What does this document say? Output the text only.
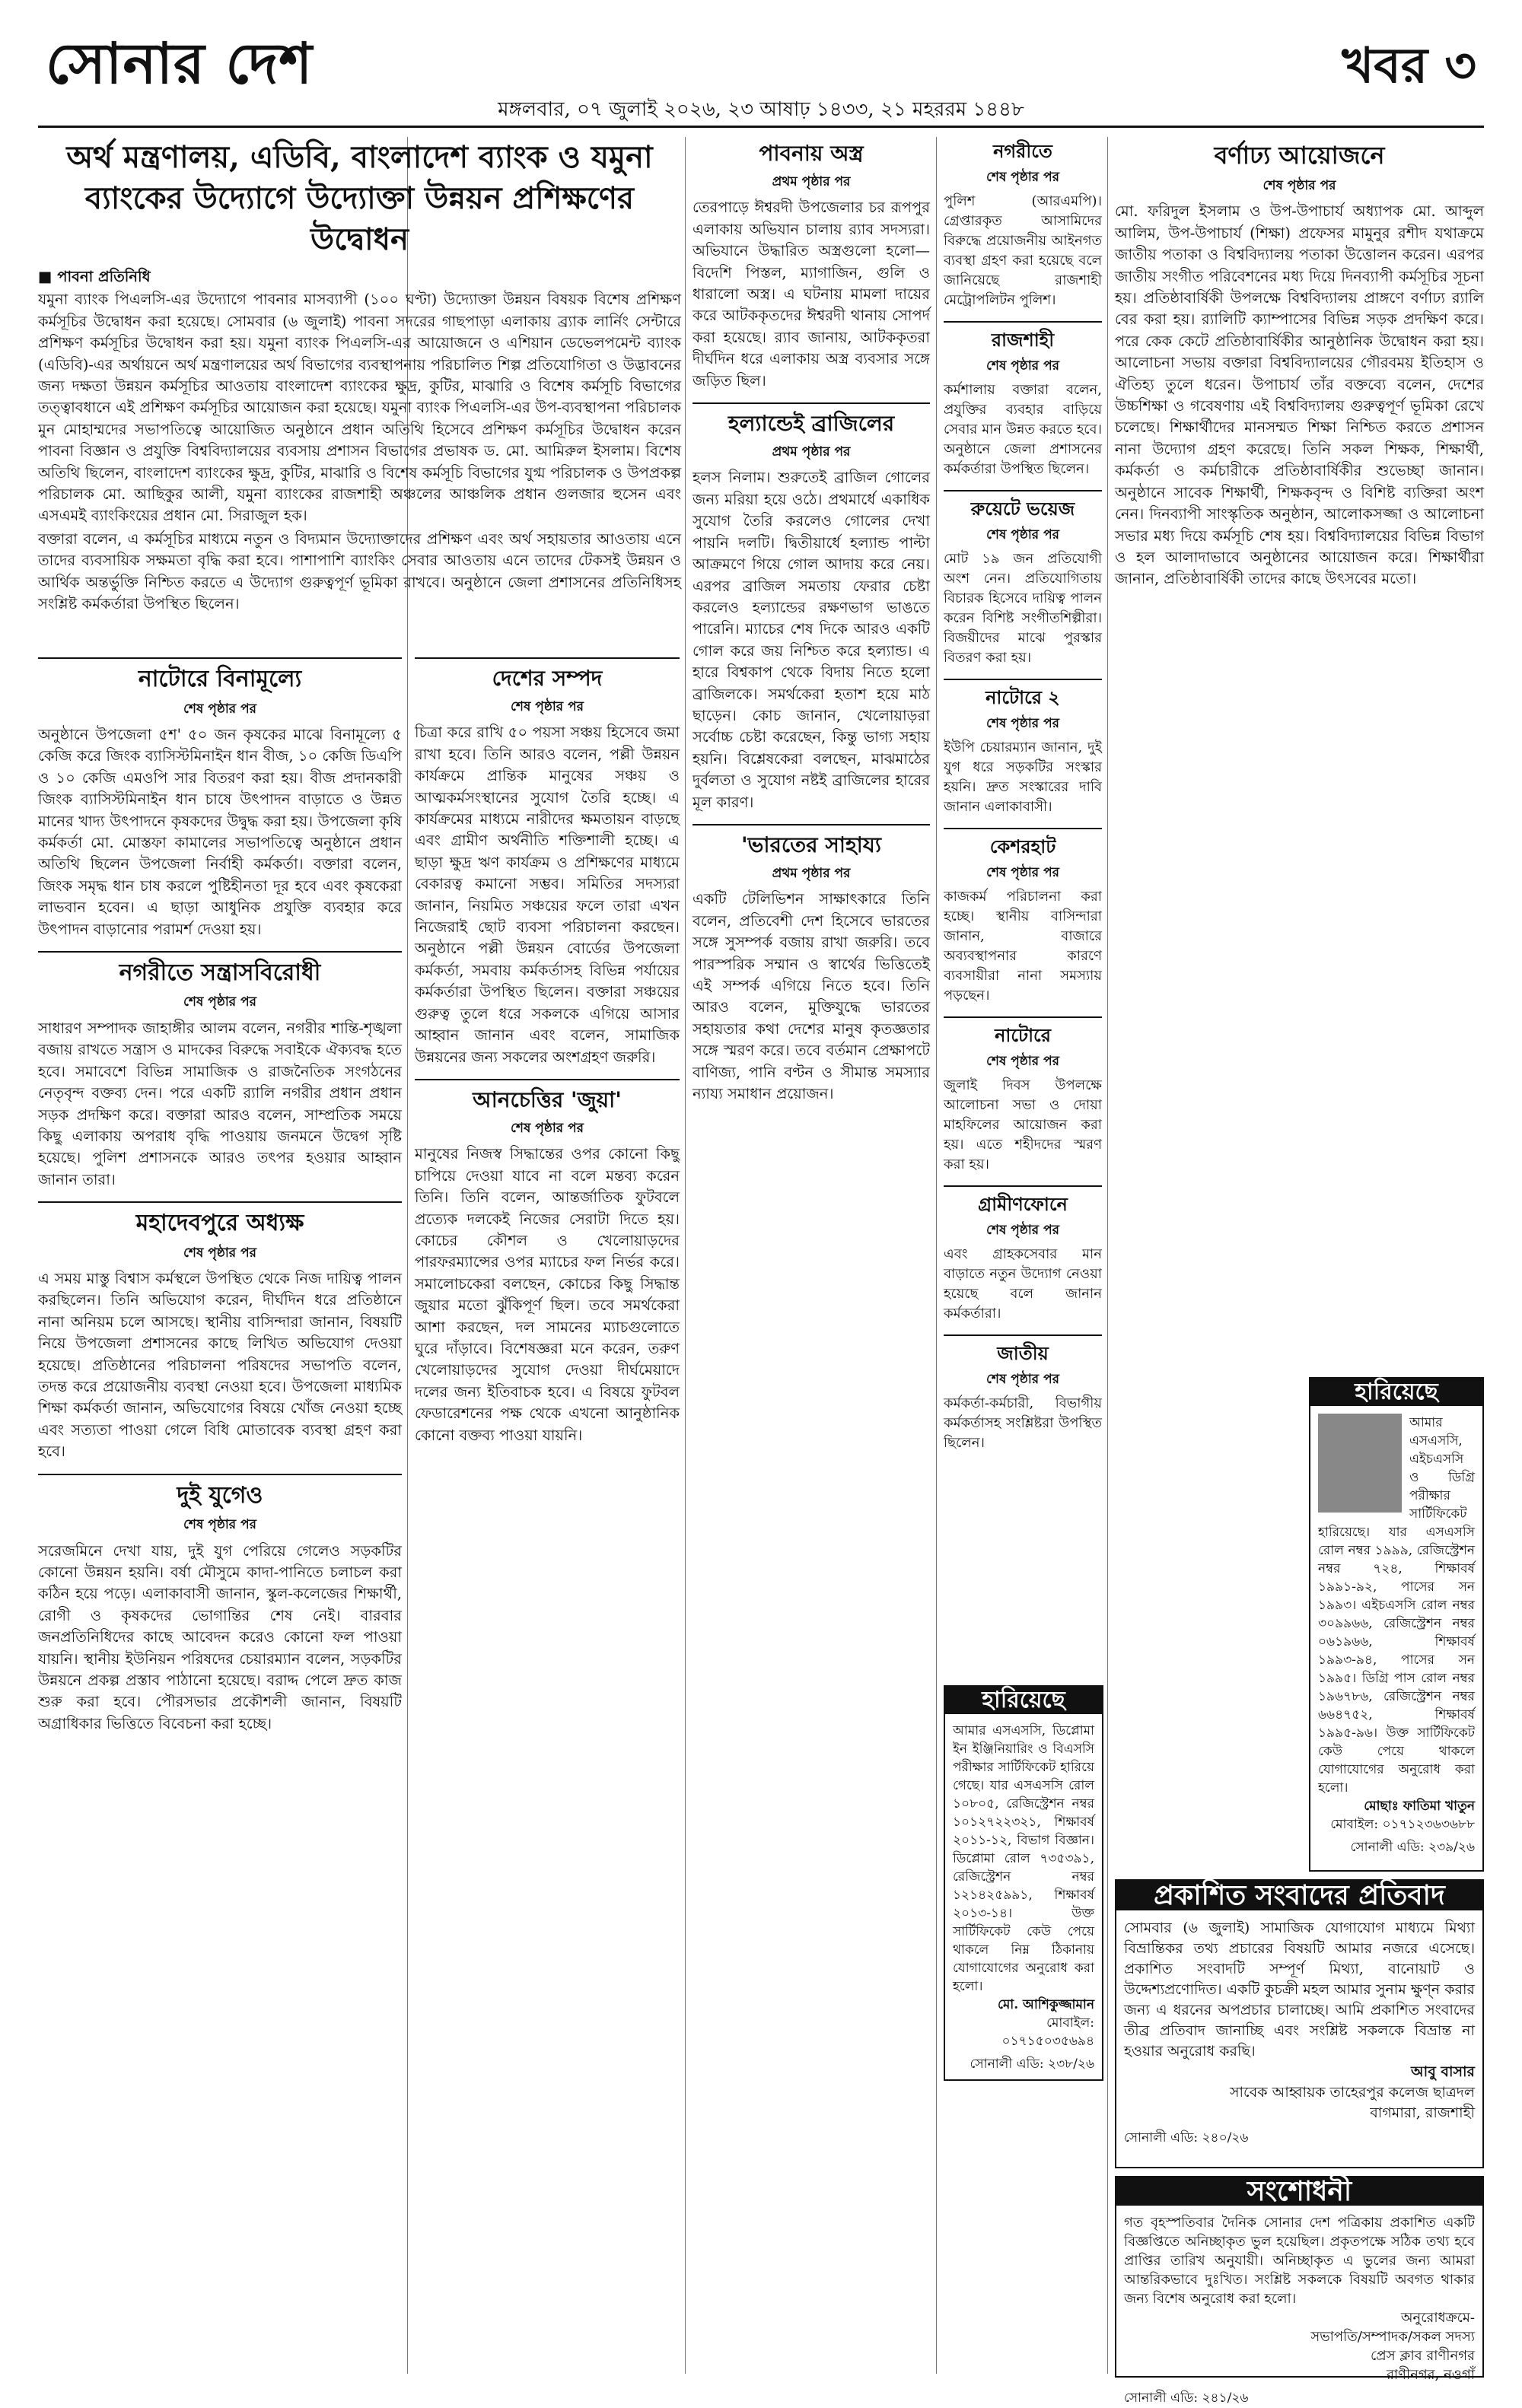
সোনার দেশ
মঙ্গলবার, ০৭ জুলাই ২০২৬, ২৩ আষাঢ় ১৪৩৩, ২১ মহররম ১৪৪৮
খবর ৩
অর্থ মন্ত্রণালয়, এডিবি, বাংলাদেশ ব্যাংক ও যমুনা ব্যাংকের উদ্যোগে উদ্যোক্তা উন্নয়ন প্রশিক্ষণের উদ্বোধন

■ পাবনা প্রতিনিধি

যমুনা ব্যাংক পিএলসি-এর উদ্যোগে পাবনার মাসব্যাপী (১০০ ঘণ্টা) উদ্যোক্তা উন্নয়ন বিষয়ক বিশেষ প্রশিক্ষণ কর্মসূচির উদ্বোধন করা হয়েছে। সোমবার (৬ জুলাই) পাবনা সদরের গাছপাড়া এলাকায় ব্র্যাক লার্নিং সেন্টারে প্রশিক্ষণ কর্মসূচির উদ্বোধন করা হয়। যমুনা ব্যাংক পিএলসি-এর আয়োজনে ও এশিয়ান ডেভেলপমেন্ট ব্যাংক (এডিবি)-এর অর্থায়নে অর্থ মন্ত্রণালয়ের অর্থ বিভাগের ব্যবস্থাপনায় পরিচালিত শিল্প প্রতিযোগিতা ও উদ্ভাবনের জন্য দক্ষতা উন্নয়ন কর্মসূচির আওতায় বাংলাদেশ ব্যাংকের ক্ষুদ্র, কুটির, মাঝারি ও বিশেষ কর্মসূচি বিভাগের তত্ত্বাবধানে এই প্রশিক্ষণ কর্মসূচির আয়োজন করা হয়েছে। যমুনা ব্যাংক পিএলসি-এর উপ-ব্যবস্থাপনা পরিচালক মুন মোহাম্মদের সভাপতিত্বে আয়োজিত অনুষ্ঠানে প্রধান অতিথি হিসেবে প্রশিক্ষণ কর্মসূচির উদ্বোধন করেন পাবনা বিজ্ঞান ও প্রযুক্তি বিশ্ববিদ্যালয়ের ব্যবসায় প্রশাসন বিভাগের প্রভাষক ড. মো. আমিরুল ইসলাম। বিশেষ অতিথি ছিলেন, বাংলাদেশ ব্যাংকের ক্ষুদ্র, কুটির, মাঝারি ও বিশেষ কর্মসূচি বিভাগের যুগ্ম পরিচালক ও উপপ্রকল্প পরিচালক মো. আছিকুর আলী, যমুনা ব্যাংকের রাজশাহী অঞ্চলের আঞ্চলিক প্রধান গুলজার হুসেন এবং এসএমই ব্যাংকিংয়ের প্রধান মো. সিরাজুল হক।

বক্তারা বলেন, এ কর্মসূচির মাধ্যমে নতুন ও বিদ্যমান উদ্যোক্তাদের প্রশিক্ষণ এবং অর্থ সহায়তার আওতায় এনে তাদের ব্যবসায়িক সক্ষমতা বৃদ্ধি করা হবে। পাশাপাশি ব্যাংকিং সেবার আওতায় এনে তাদের টেকসই উন্নয়ন ও আর্থিক অন্তর্ভুক্তি নিশ্চিত করতে এ উদ্যোগ গুরুত্বপূর্ণ ভূমিকা রাখবে। অনুষ্ঠানে জেলা প্রশাসনের প্রতিনিধিসহ সংশ্লিষ্ট কর্মকর্তারা উপস্থিত ছিলেন।

নাটোরে বিনামূল্যে
শেষ পৃষ্ঠার পর

অনুষ্ঠানে উপজেলা ৫শ' ৫০ জন কৃষকের মাঝে বিনামূল্যে ৫ কেজি করে জিংক ব্যাসিস্টমিনাইন ধান বীজ, ১০ কেজি ডিএপি ও ১০ কেজি এমওপি সার বিতরণ করা হয়। বীজ প্রদানকারী জিংক ব্যাসিস্টমিনাইন ধান চাষে উৎপাদন বাড়াতে ও উন্নত মানের খাদ্য উৎপাদনে কৃষকদের উদ্বুদ্ধ করা হয়। উপজেলা কৃষি কর্মকর্তা মো. মোস্তফা কামালের সভাপতিত্বে অনুষ্ঠানে প্রধান অতিথি ছিলেন উপজেলা নির্বাহী কর্মকর্তা। বক্তারা বলেন, জিংক সমৃদ্ধ ধান চাষ করলে পুষ্টিহীনতা দূর হবে এবং কৃষকেরা লাভবান হবেন। এ ছাড়া আধুনিক প্রযুক্তি ব্যবহার করে উৎপাদন বাড়ানোর পরামর্শ দেওয়া হয়।

নগরীতে সন্ত্রাসবিরোধী
শেষ পৃষ্ঠার পর

সাধারণ সম্পাদক জাহাঙ্গীর আলম বলেন, নগরীর শান্তি-শৃঙ্খলা বজায় রাখতে সন্ত্রাস ও মাদকের বিরুদ্ধে সবাইকে ঐক্যবদ্ধ হতে হবে। সমাবেশে বিভিন্ন সামাজিক ও রাজনৈতিক সংগঠনের নেতৃবৃন্দ বক্তব্য দেন। পরে একটি র‍্যালি নগরীর প্রধান প্রধান সড়ক প্রদক্ষিণ করে। বক্তারা আরও বলেন, সাম্প্রতিক সময়ে কিছু এলাকায় অপরাধ বৃদ্ধি পাওয়ায় জনমনে উদ্বেগ সৃষ্টি হয়েছে। পুলিশ প্রশাসনকে আরও তৎপর হওয়ার আহ্বান জানান তারা।

মহাদেবপুরে অধ্যক্ষ
শেষ পৃষ্ঠার পর

এ সময় মাস্তু বিশ্বাস কর্মস্থলে উপস্থিত থেকে নিজ দায়িত্ব পালন করছিলেন। তিনি অভিযোগ করেন, দীর্ঘদিন ধরে প্রতিষ্ঠানে নানা অনিয়ম চলে আসছে। স্থানীয় বাসিন্দারা জানান, বিষয়টি নিয়ে উপজেলা প্রশাসনের কাছে লিখিত অভিযোগ দেওয়া হয়েছে। প্রতিষ্ঠানের পরিচালনা পরিষদের সভাপতি বলেন, তদন্ত করে প্রয়োজনীয় ব্যবস্থা নেওয়া হবে। উপজেলা মাধ্যমিক শিক্ষা কর্মকর্তা জানান, অভিযোগের বিষয়ে খোঁজ নেওয়া হচ্ছে এবং সত্যতা পাওয়া গেলে বিধি মোতাবেক ব্যবস্থা গ্রহণ করা হবে।

দুই যুগেও
শেষ পৃষ্ঠার পর

সরেজমিনে দেখা যায়, দুই যুগ পেরিয়ে গেলেও সড়কটির কোনো উন্নয়ন হয়নি। বর্ষা মৌসুমে কাদা-পানিতে চলাচল করা কঠিন হয়ে পড়ে। এলাকাবাসী জানান, স্কুল-কলেজের শিক্ষার্থী, রোগী ও কৃষকদের ভোগান্তির শেষ নেই। বারবার জনপ্রতিনিধিদের কাছে আবেদন করেও কোনো ফল পাওয়া যায়নি। স্থানীয় ইউনিয়ন পরিষদের চেয়ারম্যান বলেন, সড়কটির উন্নয়নে প্রকল্প প্রস্তাব পাঠানো হয়েছে। বরাদ্দ পেলে দ্রুত কাজ শুরু করা হবে। পৌরসভার প্রকৌশলী জানান, বিষয়টি অগ্রাধিকার ভিত্তিতে বিবেচনা করা হচ্ছে।

দেশের সম্পদ
শেষ পৃষ্ঠার পর

চিত্রা করে রাখি ৫০ পয়সা সঞ্চয় হিসেবে জমা রাখা হবে। তিনি আরও বলেন, পল্লী উন্নয়ন কার্যক্রমে প্রান্তিক মানুষের সঞ্চয় ও আত্মকর্মসংস্থানের সুযোগ তৈরি হচ্ছে। এ কার্যক্রমের মাধ্যমে নারীদের ক্ষমতায়ন বাড়ছে এবং গ্রামীণ অর্থনীতি শক্তিশালী হচ্ছে। এ ছাড়া ক্ষুদ্র ঋণ কার্যক্রম ও প্রশিক্ষণের মাধ্যমে বেকারত্ব কমানো সম্ভব। সমিতির সদস্যরা জানান, নিয়মিত সঞ্চয়ের ফলে তারা এখন নিজেরাই ছোট ব্যবসা পরিচালনা করছেন। অনুষ্ঠানে পল্লী উন্নয়ন বোর্ডের উপজেলা কর্মকর্তা, সমবায় কর্মকর্তাসহ বিভিন্ন পর্যায়ের কর্মকর্তারা উপস্থিত ছিলেন। বক্তারা সঞ্চয়ের গুরুত্ব তুলে ধরে সকলকে এগিয়ে আসার আহ্বান জানান এবং বলেন, সামাজিক উন্নয়নের জন্য সকলের অংশগ্রহণ জরুরি।

আনচেত্তির 'জুয়া'
শেষ পৃষ্ঠার পর

মানুষের নিজস্ব সিদ্ধান্তের ওপর কোনো কিছু চাপিয়ে দেওয়া যাবে না বলে মন্তব্য করেন তিনি। তিনি বলেন, আন্তর্জাতিক ফুটবলে প্রত্যেক দলকেই নিজের সেরাটা দিতে হয়। কোচের কৌশল ও খেলোয়াড়দের পারফরম্যান্সের ওপর ম্যাচের ফল নির্ভর করে। সমালোচকেরা বলছেন, কোচের কিছু সিদ্ধান্ত জুয়ার মতো ঝুঁকিপূর্ণ ছিল। তবে সমর্থকেরা আশা করছেন, দল সামনের ম্যাচগুলোতে ঘুরে দাঁড়াবে। বিশেষজ্ঞরা মনে করেন, তরুণ খেলোয়াড়দের সুযোগ দেওয়া দীর্ঘমেয়াদে দলের জন্য ইতিবাচক হবে। এ বিষয়ে ফুটবল ফেডারেশনের পক্ষ থেকে এখনো আনুষ্ঠানিক কোনো বক্তব্য পাওয়া যায়নি।

পাবনায় অস্ত্র
প্রথম পৃষ্ঠার পর

তেরপাড়ে ঈশ্বরদী উপজেলার চর রূপপুর এলাকায় অভিযান চালায় র‍্যাব সদস্যরা। অভিযানে উদ্ধারিত অস্ত্রগুলো হলো— বিদেশি পিস্তল, ম্যাগাজিন, গুলি ও ধারালো অস্ত্র। এ ঘটনায় মামলা দায়ের করে আটককৃতদের ঈশ্বরদী থানায় সোপর্দ করা হয়েছে। র‍্যাব জানায়, আটককৃতরা দীর্ঘদিন ধরে এলাকায় অস্ত্র ব্যবসার সঙ্গে জড়িত ছিল।

হল্যান্ডেই ব্রাজিলের
প্রথম পৃষ্ঠার পর

হলস নিলাম। শুরুতেই ব্রাজিল গোলের জন্য মরিয়া হয়ে ওঠে। প্রথমার্ধে একাধিক সুযোগ তৈরি করলেও গোলের দেখা পায়নি দলটি। দ্বিতীয়ার্ধে হল্যান্ড পাল্টা আক্রমণে গিয়ে গোল আদায় করে নেয়। এরপর ব্রাজিল সমতায় ফেরার চেষ্টা করলেও হল্যান্ডের রক্ষণভাগ ভাঙতে পারেনি। ম্যাচের শেষ দিকে আরও একটি গোল করে জয় নিশ্চিত করে হল্যান্ড। এ হারে বিশ্বকাপ থেকে বিদায় নিতে হলো ব্রাজিলকে। সমর্থকেরা হতাশ হয়ে মাঠ ছাড়েন। কোচ জানান, খেলোয়াড়রা সর্বোচ্চ চেষ্টা করেছেন, কিন্তু ভাগ্য সহায় হয়নি। বিশ্লেষকেরা বলছেন, মাঝমাঠের দুর্বলতা ও সুযোগ নষ্টই ব্রাজিলের হারের মূল কারণ।

'ভারতের সাহায্য
প্রথম পৃষ্ঠার পর

একটি টেলিভিশন সাক্ষাৎকারে তিনি বলেন, প্রতিবেশী দেশ হিসেবে ভারতের সঙ্গে সুসম্পর্ক বজায় রাখা জরুরি। তবে পারস্পরিক সম্মান ও স্বার্থের ভিত্তিতেই এই সম্পর্ক এগিয়ে নিতে হবে। তিনি আরও বলেন, মুক্তিযুদ্ধে ভারতের সহায়তার কথা দেশের মানুষ কৃতজ্ঞতার সঙ্গে স্মরণ করে। তবে বর্তমান প্রেক্ষাপটে বাণিজ্য, পানি বণ্টন ও সীমান্ত সমস্যার ন্যায্য সমাধান প্রয়োজন।

নগরীতে
শেষ পৃষ্ঠার পর

পুলিশ (আরএমপি)। গ্রেপ্তারকৃত আসামিদের বিরুদ্ধে প্রয়োজনীয় আইনগত ব্যবস্থা গ্রহণ করা হয়েছে বলে জানিয়েছে রাজশাহী মেট্রোপলিটন পুলিশ।

রাজশাহী
শেষ পৃষ্ঠার পর

কর্মশালায় বক্তারা বলেন, প্রযুক্তির ব্যবহার বাড়িয়ে সেবার মান উন্নত করতে হবে। অনুষ্ঠানে জেলা প্রশাসনের কর্মকর্তারা উপস্থিত ছিলেন।

রুয়েটে ভয়েজ
শেষ পৃষ্ঠার পর

মোট ১৯ জন প্রতিযোগী অংশ নেন। প্রতিযোগিতায় বিচারক হিসেবে দায়িত্ব পালন করেন বিশিষ্ট সংগীতশিল্পীরা। বিজয়ীদের মাঝে পুরস্কার বিতরণ করা হয়।

নাটোরে ২
শেষ পৃষ্ঠার পর

ইউপি চেয়ারম্যান জানান, দুই যুগ ধরে সড়কটির সংস্কার হয়নি। দ্রুত সংস্কারের দাবি জানান এলাকাবাসী।

কেশরহাট
শেষ পৃষ্ঠার পর

কাজকর্ম পরিচালনা করা হচ্ছে। স্থানীয় বাসিন্দারা জানান, বাজারে অব্যবস্থাপনার কারণে ব্যবসায়ীরা নানা সমস্যায় পড়ছেন।

নাটোরে
শেষ পৃষ্ঠার পর

জুলাই দিবস উপলক্ষে আলোচনা সভা ও দোয়া মাহফিলের আয়োজন করা হয়। এতে শহীদদের স্মরণ করা হয়।

গ্রামীণফোনে
শেষ পৃষ্ঠার পর

এবং গ্রাহকসেবার মান বাড়াতে নতুন উদ্যোগ নেওয়া হয়েছে বলে জানান কর্মকর্তারা।

জাতীয়
শেষ পৃষ্ঠার পর

কর্মকর্তা-কর্মচারী, বিভাগীয় কর্মকর্তাসহ সংশ্লিষ্টরা উপস্থিত ছিলেন।

হারিয়েছে

আমার এসএসসি, ডিপ্লোমা ইন ইঞ্জিনিয়ারিং ও বিএসসি পরীক্ষার সার্টিফিকেট হারিয়ে গেছে। যার এসএসসি রোল ১০৮০৫, রেজিস্ট্রেশন নম্বর ১০১২৭২২৩২১, শিক্ষাবর্ষ ২০১১-১২, বিভাগ বিজ্ঞান। ডিপ্লোমা রোল ৭৩৫৩৯১, রেজিস্ট্রেশন নম্বর ১২১৪২৫৯৯১, শিক্ষাবর্ষ ২০১৩-১৪। উক্ত সার্টিফিকেট কেউ পেয়ে থাকলে নিম্ন ঠিকানায় যোগাযোগের অনুরোধ করা হলো।

মো. আশিকুজ্জামান

মোবাইল: ০১৭১৫০৩৫৬৯৪

সোনালী এডি: ২৩৮/২৬
বর্ণাঢ্য আয়োজনে
শেষ পৃষ্ঠার পর

মো. ফরিদুল ইসলাম ও উপ-উপাচার্য অধ্যাপক মো. আব্দুল আলিম, উপ-উপাচার্য (শিক্ষা) প্রফেসর মামুনুর রশীদ যথাক্রমে জাতীয় পতাকা ও বিশ্ববিদ্যালয় পতাকা উত্তোলন করেন। এরপর জাতীয় সংগীত পরিবেশনের মধ্য দিয়ে দিনব্যাপী কর্মসূচির সূচনা হয়। প্রতিষ্ঠাবার্ষিকী উপলক্ষে বিশ্ববিদ্যালয় প্রাঙ্গণে বর্ণাঢ্য র‍্যালি বের করা হয়। র‍্যালিটি ক্যাম্পাসের বিভিন্ন সড়ক প্রদক্ষিণ করে। পরে কেক কেটে প্রতিষ্ঠাবার্ষিকীর আনুষ্ঠানিক উদ্বোধন করা হয়। আলোচনা সভায় বক্তারা বিশ্ববিদ্যালয়ের গৌরবময় ইতিহাস ও ঐতিহ্য তুলে ধরেন। উপাচার্য তাঁর বক্তব্যে বলেন, দেশের উচ্চশিক্ষা ও গবেষণায় এই বিশ্ববিদ্যালয় গুরুত্বপূর্ণ ভূমিকা রেখে চলেছে। শিক্ষার্থীদের মানসম্মত শিক্ষা নিশ্চিত করতে প্রশাসন নানা উদ্যোগ গ্রহণ করেছে। তিনি সকল শিক্ষক, শিক্ষার্থী, কর্মকর্তা ও কর্মচারীকে প্রতিষ্ঠাবার্ষিকীর শুভেচ্ছা জানান। অনুষ্ঠানে সাবেক শিক্ষার্থী, শিক্ষকবৃন্দ ও বিশিষ্ট ব্যক্তিরা অংশ নেন। দিনব্যাপী সাংস্কৃতিক অনুষ্ঠান, আলোকসজ্জা ও আলোচনা সভার মধ্য দিয়ে কর্মসূচি শেষ হয়। বিশ্ববিদ্যালয়ের বিভিন্ন বিভাগ ও হল আলাদাভাবে অনুষ্ঠানের আয়োজন করে। শিক্ষার্থীরা জানান, প্রতিষ্ঠাবার্ষিকী তাদের কাছে উৎসবের মতো।

হারিয়েছে

আমার এসএসসি, এইচএসসি ও ডিগ্রি পরীক্ষার সার্টিফিকেট হারিয়েছে। যার এসএসসি রোল নম্বর ১৯৯৯, রেজিস্ট্রেশন নম্বর ৭২৪, শিক্ষাবর্ষ ১৯৯১-৯২, পাসের সন ১৯৯৩। এইচএসসি রোল নম্বর ৩০৯৯৬৬, রেজিস্ট্রেশন নম্বর ০৬১৯৬৬, শিক্ষাবর্ষ ১৯৯৩-৯৪, পাসের সন ১৯৯৫। ডিগ্রি পাস রোল নম্বর ১৯৬৭৮৬, রেজিস্ট্রেশন নম্বর ৬৬৪৭৫২, শিক্ষাবর্ষ ১৯৯৫-৯৬। উক্ত সার্টিফিকেট কেউ পেয়ে থাকলে যোগাযোগের অনুরোধ করা হলো।

মোছাঃ ফাতিমা খাতুন

মোবাইল: ০১৭১২৩৬৩৬৮৮

সোনালী এডি: ২৩৯/২৬
প্রকাশিত সংবাদের প্রতিবাদ

সোমবার (৬ জুলাই) সামাজিক যোগাযোগ মাধ্যমে মিথ্যা বিভ্রান্তিকর তথ্য প্রচারের বিষয়টি আমার নজরে এসেছে। প্রকাশিত সংবাদটি সম্পূর্ণ মিথ্যা, বানোয়াট ও উদ্দেশ্যপ্রণোদিত। একটি কুচক্রী মহল আমার সুনাম ক্ষুণ্ন করার জন্য এ ধরনের অপপ্রচার চালাচ্ছে। আমি প্রকাশিত সংবাদের তীব্র প্রতিবাদ জানাচ্ছি এবং সংশ্লিষ্ট সকলকে বিভ্রান্ত না হওয়ার অনুরোধ করছি।

আবু বাসার

সাবেক আহ্বায়ক তাহেরপুর কলেজ ছাত্রদল

বাগমারা, রাজশাহী

সোনালী এডি: ২৪০/২৬
সংশোধনী

গত বৃহস্পতিবার দৈনিক সোনার দেশ পত্রিকায় প্রকাশিত একটি বিজ্ঞপ্তিতে অনিচ্ছাকৃত ভুল হয়েছিল। প্রকৃতপক্ষে সঠিক তথ্য হবে প্রাপ্তির তারিখ অনুযায়ী। অনিচ্ছাকৃত এ ভুলের জন্য আমরা আন্তরিকভাবে দুঃখিত। সংশ্লিষ্ট সকলকে বিষয়টি অবগত থাকার জন্য বিশেষ অনুরোধ করা হলো।

অনুরোধক্রমে-

সভাপতি/সম্পাদক/সকল সদস্য

প্রেস ক্লাব রাণীনগর

রাণীনগর, নওগাঁ

সোনালী এডি: ২৪১/২৬
